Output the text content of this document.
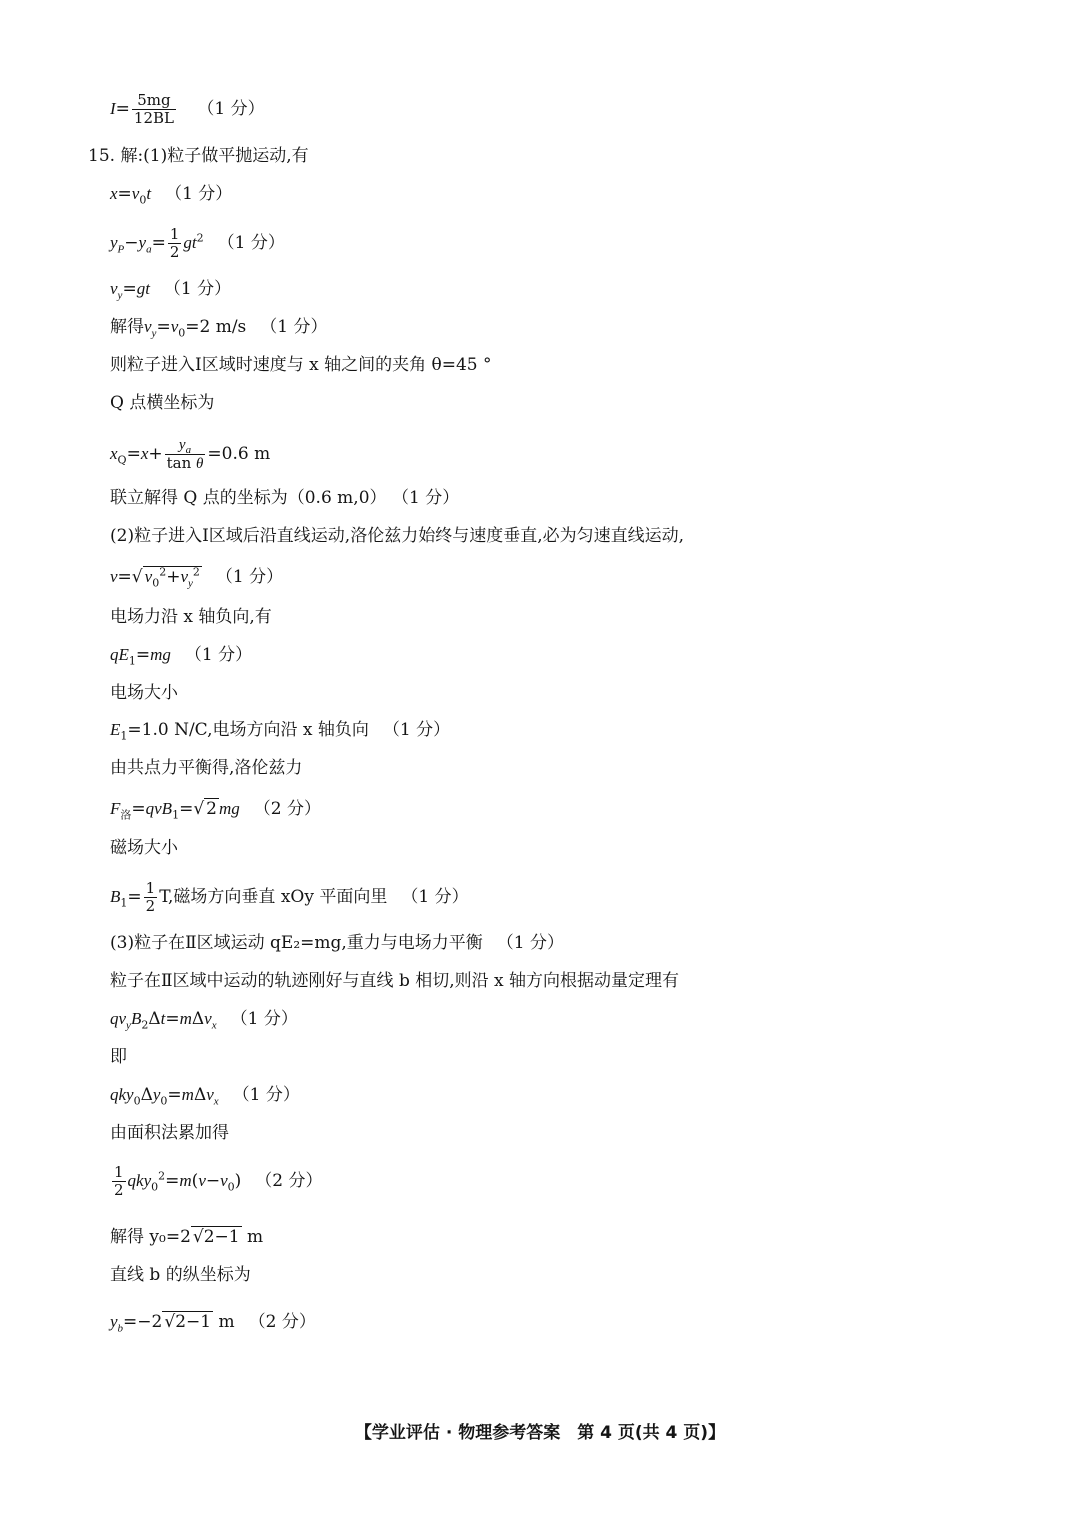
$I= \frac{5mg}{12BL} (1$ 分）
15. 解:(1)粒子做平抛运动,有
$x=v_0t$ （1 分）
$y_P-y_a= \frac{1}{2} gt^2$ （1 分）
$v_y=gt$ （1 分）
解得$v_y=v_0=2$ m/s （1 分）
则粒子进入Ⅰ区域时速度与 x 轴之间的夹角 θ=45 °
Q 点横坐标为
$x_Q=x+ \frac{y_a}{\text{tan θ}} =0.6$ m
联立解得 Q 点的坐标为（0.6 m,0） （1 分）
(2)粒子进入Ⅰ区域后沿直线运动,洛伦兹力始终与速度垂直,必为匀速直线运动,
v=√ $v_0^2+v_y^2$ （1 分）
电场力沿 x 轴负向,有
$qE_1=mg$ （1 分）
电场大小
$E_1=1.0$ N/C,电场方向沿 x 轴负向 （1 分）
由共点力平衡得,洛伦兹力
$F_洛=qvB_1=√$ 2 mg （2 分）
磁场大小
$B_1= \frac{1}{2} T$,磁场方向垂直 xOy 平面向里 （1 分）
(3)粒子在Ⅱ区域运动 qE₂=mg,重力与电场力平衡 （1 分）
粒子在Ⅱ区域中运动的轨迹刚好与直线 b 相切,则沿 x 轴方向根据动量定理有
$qv_yB_2\Delta t=m\Delta v_x$ （1 分）
即
$qky_0\Delta y_0=m\Delta v_x$ （1 分）
由面积法累加得
$\frac{1}{2} qky_0^2=m(v-v_0)$ （2 分）
解得 y₀=2 √2−1 m
直线 b 的纵坐标为
$y_b=-2$ √2−1 m （2 分）
【学业评估 · 物理参考答案　第 4 页(共 4 页)】
